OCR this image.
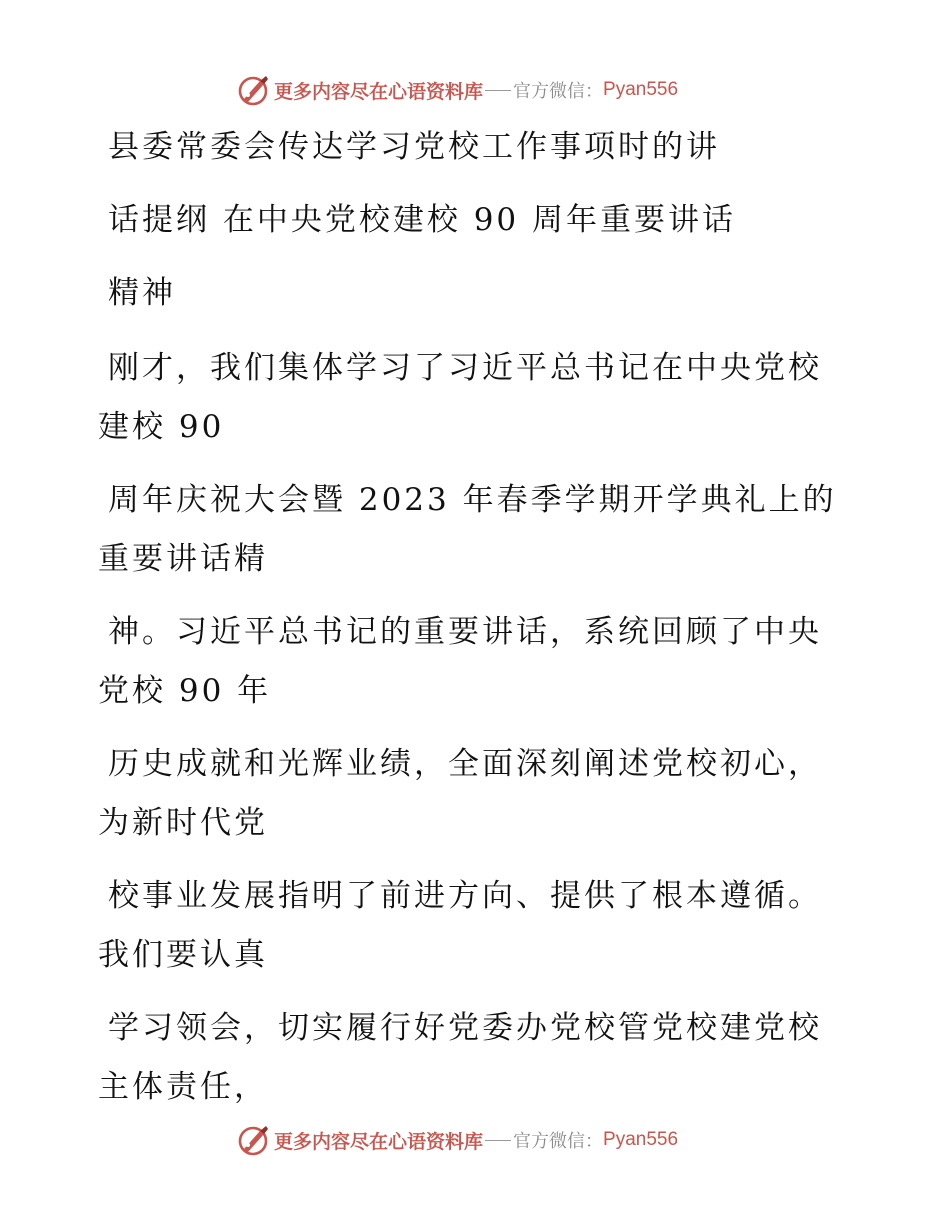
更多内容尽在心语资料库 官方微信： Pyan556
县委常委会传达学习党校工作事项时的讲
话提纲 在中央党校建校 90 周年重要讲话
精神
刚才，我们集体学习了习近平总书记在中央党校
建校 90
周年庆祝大会暨 2023 年春季学期开学典礼上的
重要讲话精
神。习近平总书记的重要讲话，系统回顾了中央
党校 90 年
历史成就和光辉业绩，全面深刻阐述党校初心，
为新时代党
校事业发展指明了前进方向、提供了根本遵循。
我们要认真
学习领会，切实履行好党委办党校管党校建党校
主体责任，
更多内容尽在心语资料库 官方微信： Pyan556
